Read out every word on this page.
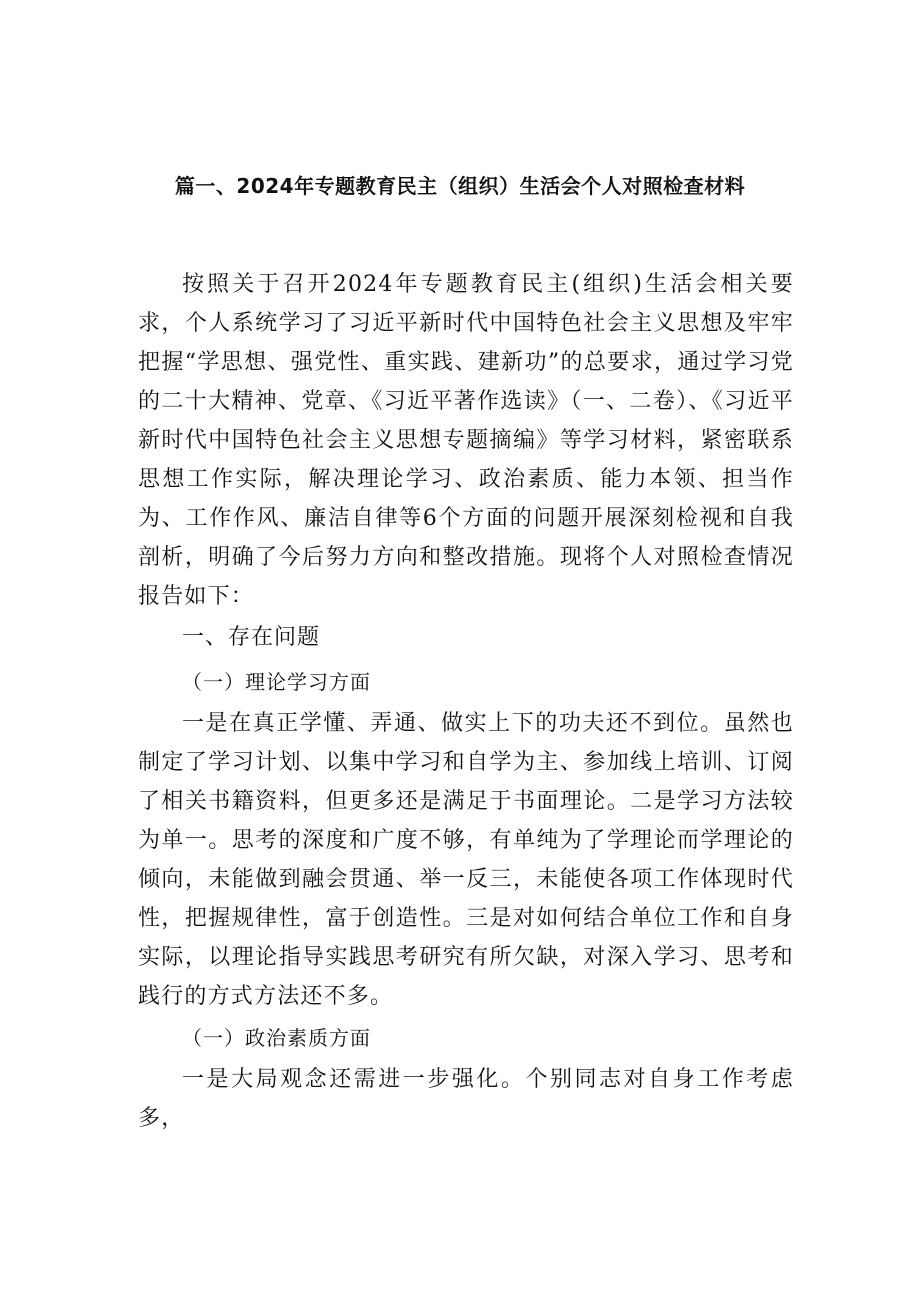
篇一、2024年专题教育民主（组织）生活会个人对照检查材料

按照关于召开2024年专题教育民主(组织)生活会相关要求，个人系统学习了习近平新时代中国特色社会主义思想及牢牢把握“学思想、强党性、重实践、建新功”的总要求，通过学习党的二十大精神、党章、《习近平著作选读》（一、二卷）、《习近平新时代中国特色社会主义思想专题摘编》等学习材料，紧密联系思想工作实际，解决理论学习、政治素质、能力本领、担当作为、工作作风、廉洁自律等6个方面的问题开展深刻检视和自我剖析，明确了今后努力方向和整改措施。现将个人对照检查情况报告如下：

一、存在问题

（一）理论学习方面

一是在真正学懂、弄通、做实上下的功夫还不到位。虽然也制定了学习计划、以集中学习和自学为主、参加线上培训、订阅了相关书籍资料，但更多还是满足于书面理论。二是学习方法较为单一。思考的深度和广度不够，有单纯为了学理论而学理论的倾向，未能做到融会贯通、举一反三，未能使各项工作体现时代性，把握规律性，富于创造性。三是对如何结合单位工作和自身实际，以理论指导实践思考研究有所欠缺，对深入学习、思考和践行的方式方法还不多。

（一）政治素质方面

一是大局观念还需进一步强化。个别同志对自身工作考虑多，
